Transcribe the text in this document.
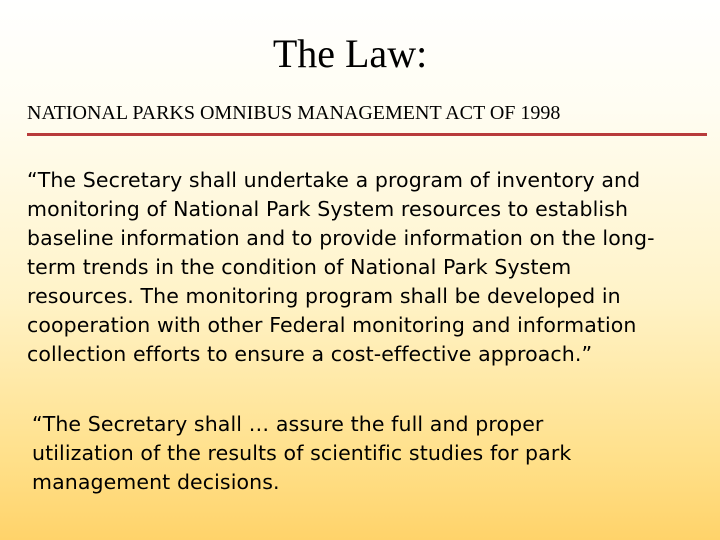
The Law:
NATIONAL PARKS OMNIBUS MANAGEMENT ACT OF 1998
“The Secretary shall undertake a program of inventory and
monitoring of National Park System resources to establish
baseline information and to provide information on the long-
term trends in the condition of National Park System
resources. The monitoring program shall be developed in
cooperation with other Federal monitoring and information
collection efforts to ensure a cost-effective approach.”
“The Secretary shall … assure the full and proper
utilization of the results of scientific studies for park
management decisions.
